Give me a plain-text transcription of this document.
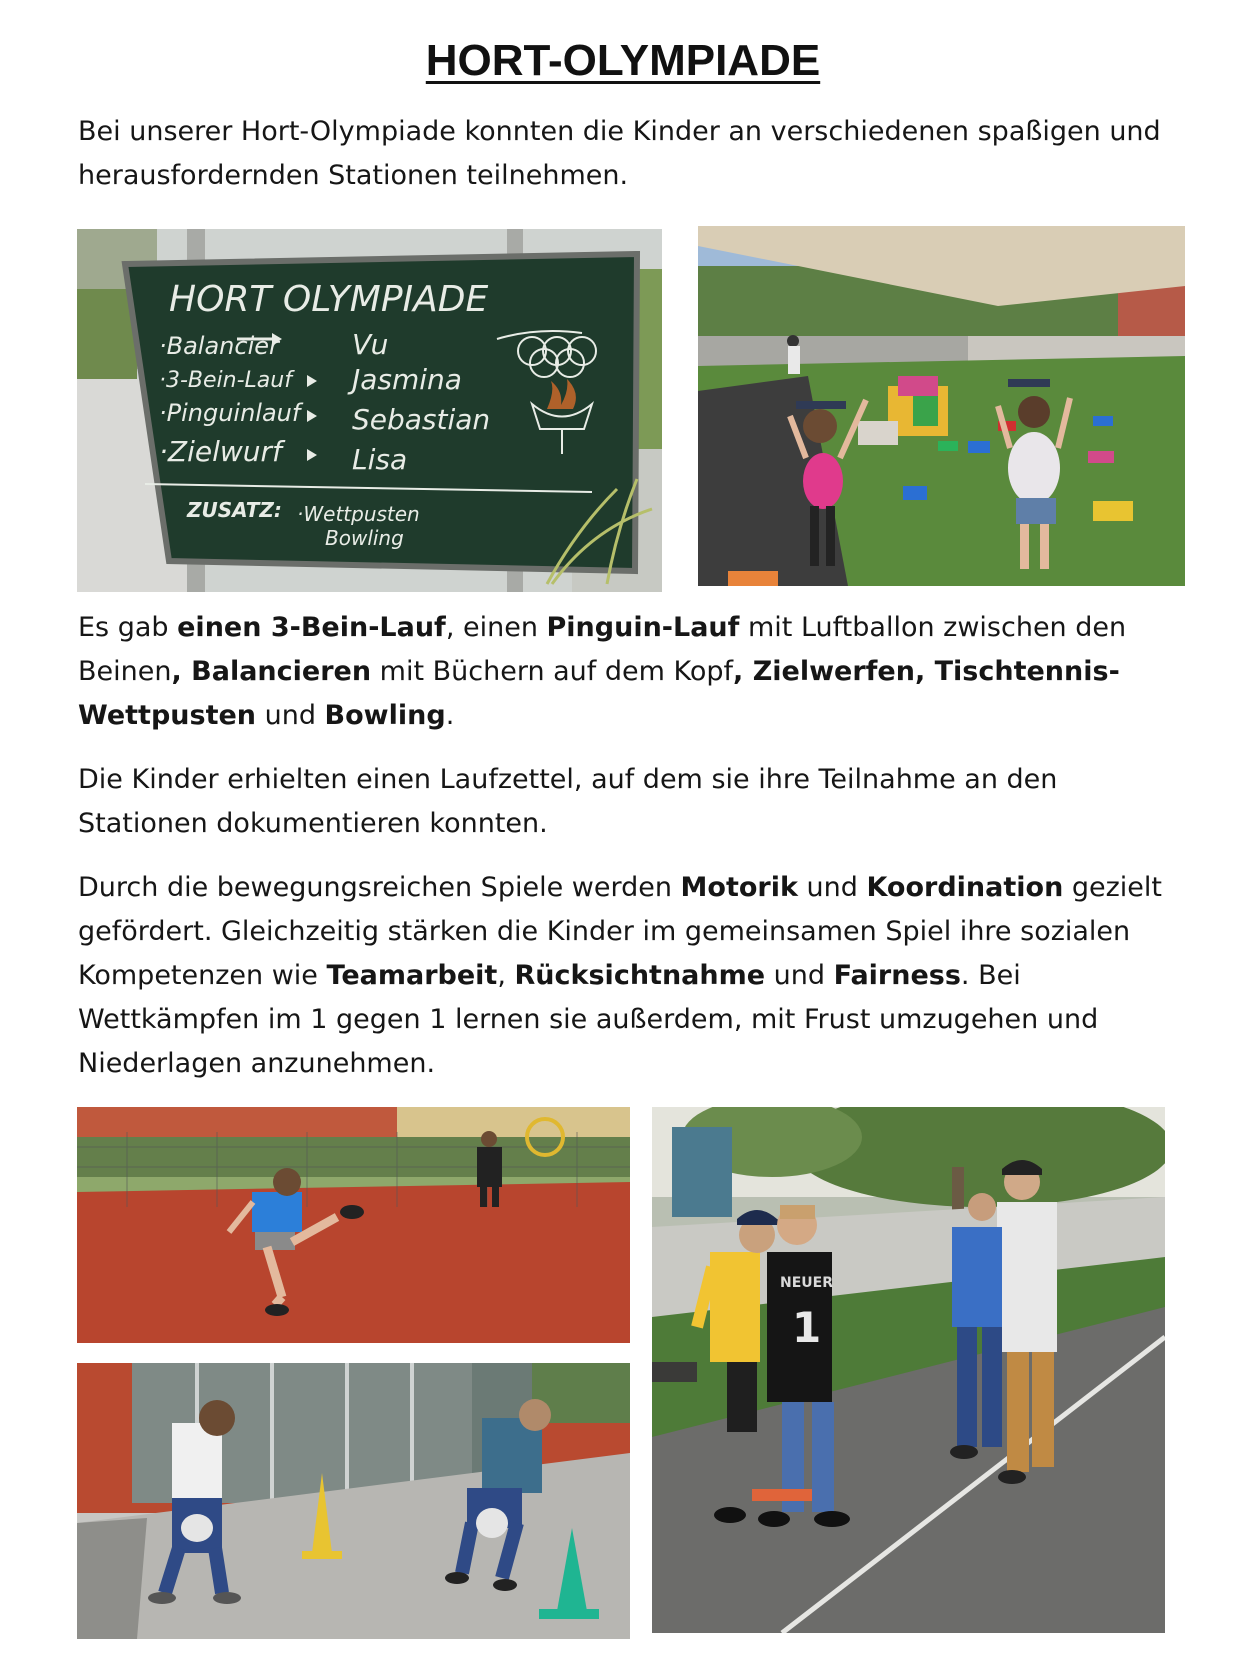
HORT-OLYMPIADE

Bei unserer Hort-Olympiade konnten die Kinder an verschiedenen spaßigen und herausfordernden Stationen teilnehmen.

HORT OLYMPIADE
·Balancier	Vu
·3-Bein-Lauf Jasmina
·Pinguinlauf Sebastian
·Zielwurf	Lisa
ZUSATZ: ·Wettpusten
Bowling

Es gab einen 3-Bein-Lauf, einen Pinguin-Lauf mit Luftballon zwischen den Beinen, Balancieren mit Büchern auf dem Kopf, Zielwerfen, Tischtennis-Wettpusten und Bowling.

Die Kinder erhielten einen Laufzettel, auf dem sie ihre Teilnahme an den Stationen dokumentieren konnten.

Durch die bewegungsreichen Spiele werden Motorik und Koordination gezielt gefördert. Gleichzeitig stärken die Kinder im gemeinsamen Spiel ihre sozialen Kompetenzen wie Teamarbeit, Rücksichtnahme und Fairness. Bei Wettkämpfen im 1 gegen 1 lernen sie außerdem, mit Frust umzugehen und Niederlagen anzunehmen.

NEUER
1
